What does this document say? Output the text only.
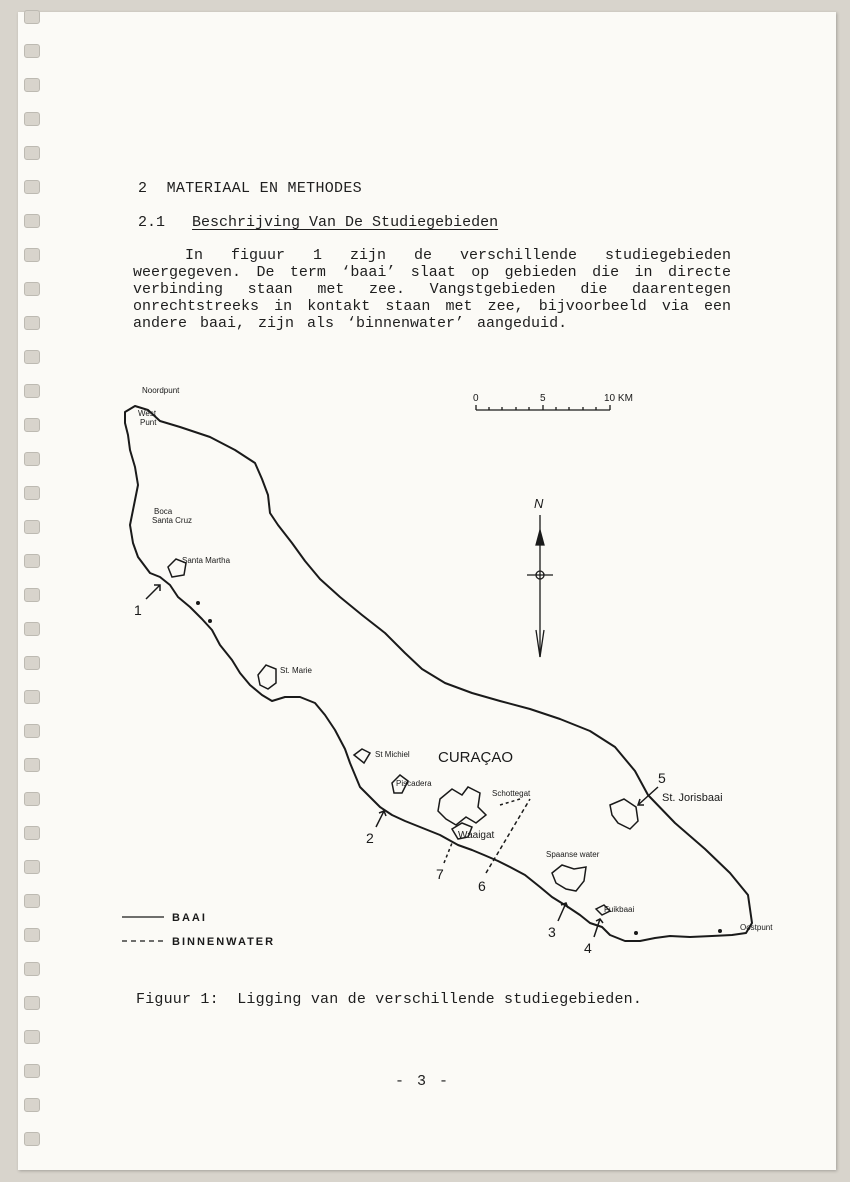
2 MATERIAAL EN METHODES
2.1 Beschrijving Van De Studiegebieden

In figuur 1 zijn de verschillende studiegebieden weergegeven. De term ‘baai’ slaat op gebieden die in directe verbinding staan met zee. Vangstgebieden die daarentegen onrechtstreeks in kontakt staan met zee, bijvoorbeeld via een andere baai, zijn als ‘binnenwater’ aangeduid.

Noordpunt
West
Punt
Boca
Santa Cruz
Santa Martha
St. Marie
St Michiel
Piscadera
Schottegat
Waaigat
Spaanse water
Fuikbaai
Oostpunt
St. Jorisbaai
CURAÇAO
1
2
3
4
5
6
7
0	5	10 KM
N
BAAI
BINNENWATER
Figuur 1:  Ligging van de verschillende studiegebieden.
- 3 -
